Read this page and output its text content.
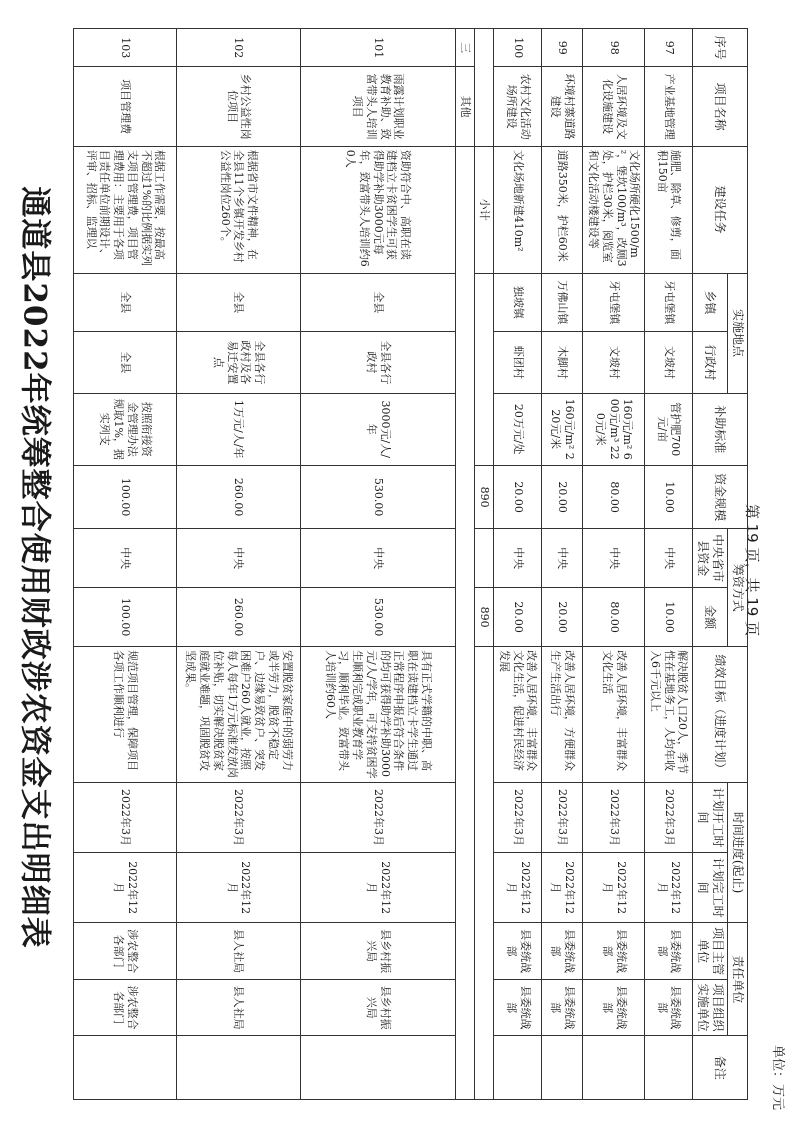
单位：万元
第 19 页，共 19 页
序号	项目名称	建设任务	实施地点		补助标准	资金规模	筹资方式		绩效目标（进度计划）	时间进度(起止)		责任单位		备注
			乡镇	行政村			中央省市县资金	金额		计划开工时间	计划完工时间	项目主管单位	项目组织实施单位	

97	产业基地管理	施肥、除草、修剪，面积150亩	牙屯堡镇	文坡村	管护肥700元/亩	10.00	中央	10.00	解决脱贫人口20人，季节性在基地务工，人均年收入6千元以上	2022年3月	2022年12月	县委统战部	县委统战部	
98	人居环境及文化设施建设	文化场所硬化1500/m²，堡坎100/m³，改厕3处，护栏30米，阅览室和文化活动楼建设等	牙屯堡镇	文坡村	160元/m² 600元/m³ 220元/米	80.00	中央	80.00	改善人居环境，丰富群众文化生活	2022年3月	2022年12月	县委统战部	县委统战部	
99	环境村寨道路建设	道路350米，护栏60米	万佛山镇	木脚村	160元/m² 220元/米	20.00	中央	20.00	改善人居环境，方便群众生产生活出行	2022年3月	2022年12月	县委统战部	县委统战部	
100	农村文化活动场所建设	文化场地新建410m²	独坡镇	虾团村	20万元/处	20.00	中央	20.00	改善人居环境，丰富群众文化生活，促进村民经济发展	2022年3月	2022年12月	县委统战部	县委统战部	
		小计				890		890						
三	其他													
101	雨露计划职业教育补助、致富带头人培训项目	资助符合中、高职在读建档立卡贫困学生可获得助学补助3000元每年，致富带头人培训约60人	全县	全县各行政村	3000元/人/年	530.00	中央	530.00	具有正式学籍的中职、高职在读建档立卡学生通过正常程序申报后符合条件的均可获得助学补助3000元/人/学年，可支持贫困学生顺利完成职业教育学习，顺利毕业。致富带头人培训约60人	2022年3月	2022年12月	县乡村振兴局	县乡村振兴局	
102	乡村公益性岗位项目	根据省市文件精神，在全县11个乡镇开发乡村公益性岗位260个。	全县	全县各行政村及各易迁安置点	1万元/人/年	260.00	中央	260.00	安置脱贫家庭中的弱劳力或半劳力，脱贫不稳定户、边缘易致贫户、突发困难户260人就业，按照每人每年1万元标准发放岗位补贴，切实解决脱贫家庭就业难题，巩固脱贫攻坚成果。	2022年3月	2022年12月	县人社局	县人社局	
103	项目管理费	根据工作需要，按最高不超过1%的比例据实列支项目管理费，项目管理费用：主要用于各项目责任单位前期设计、评审、招标、监理以	全县	全县	按照衔接资金管理办法规取1%，据实列支	100.00	中央	100.00	规范项目管理，保障项目各项工作顺利进行	2022年3月	2022年12月	涉农整合各部门	涉农整合各部门	
通道县2022年统筹整合使用财政涉农资金支出明细表
